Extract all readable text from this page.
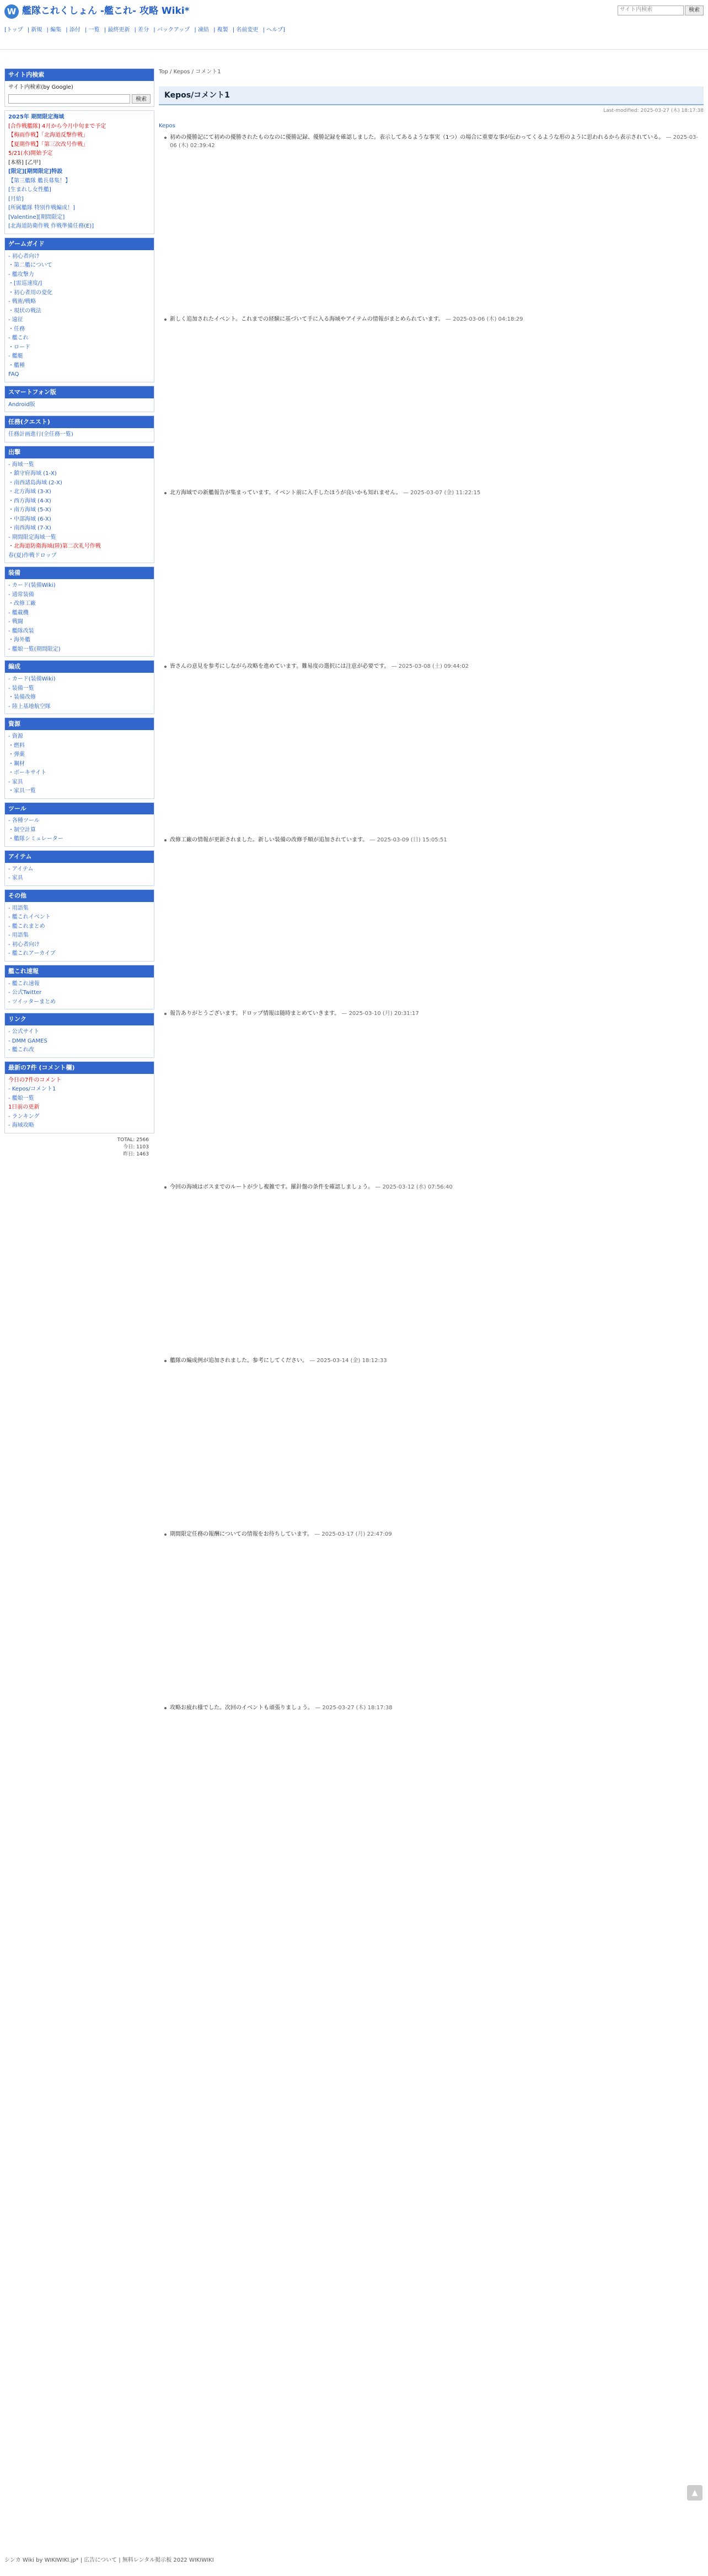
W 艦隊これくしょん -艦これ- 攻略 Wiki*	サイト内検索	検索
[トップ | 新規 | 編集 | 添付 | 一覧 | 最終更新 | 差分 | バックアップ | 凍結 | 複製 | 名前変更 | ヘルプ]
サイト内検索
サイト内検索(by Google)
検索
2025年 期間限定海域
[合作戦艦隊] 4月から今月中旬まで予定
【梅雨作戦】「北海道反撃作戦」
【夏期作戦】「第三次改号作戦」
5/21(水)開始予定
[本格] [乙甲]
[限定][期間限定]特設
【第三艦隊 艦長募集！】
[生まれし女性艦]
[月給]
[所属艦隊 特別作戦編成！]
[Valentine][期間限定]
[北海道防衛作戦 作戦準備任務(E)]
ゲームガイド
- 初心者向け
・第二艦について
- 艦攻撃力
・[雷巡速度/]
・初心者用の変化
- 戦術/戦略
・現状の戦法
- 遠征
・任務
- 艦これ
・ロード
- 艦艇
・艦種
FAQ
スマートフォン版
Android版
任務(クエスト)
任務計画進行(全任務一覧)
出撃
- 海域一覧
・鎮守府海域 (1-X)
・南西諸島海域 (2-X)
・北方海域 (3-X)
・西方海域 (4-X)
・南方海域 (5-X)
・中部海域 (6-X)
・南西海域 (7-X)
- 期間限定海域一覧
・北海道防衛海域(陸)第二次礼号作戦
春(夏)作戦ドロップ
装備
- カード(装備Wiki)
- 通常装備
・改修工廠
- 艦載機
- 戦闘
- 艦隊改装
・海外艦
- 艦娘一覧(期間限定)
編成
- カード(装備Wiki)
- 装備一覧
・装備改修
- 陸上基地航空隊
資源
- 資源
・燃料
・弾薬
・鋼材
・ボーキサイト
- 家具
・家具一覧
ツール
- 各種ツール
・制空計算
・艦隊シミュレーター
アイテム
- アイテム
- 家具
その他
- 用語集
- 艦これイベント
- 艦これまとめ
- 用語集
- 初心者向け
- 艦これアーカイブ
艦これ速報
- 艦これ速報
- 公式Twitter
- ツイッターまとめ
リンク
- 公式サイト
- DMM GAMES
- 艦これ改
最新の7件 (コメント欄)
今日の7件のコメント
- Kepos/コメント1
- 艦娘一覧
1日前の更新
- ランキング
- 海域攻略
TOTAL: 2566
今日: 1103
昨日: 1463
Top / Kepos / コメント1
Kepos/コメント1
Last-modified: 2025-03-27 (木) 18:17:38
Kepos
初めの優勝記にて初めの優勝されたものなのに優勝記録、優勝記録を確認しました。表示してあるような事実（1つ）の場合に重要な事が伝わってくるような形のように思われるから表示されている。 — 2025-03-06 (木) 02:39:42
新しく追加されたイベント。これまでの経験に基づいて手に入る海域やアイテムの情報がまとめられています。 — 2025-03-06 (木) 04:18:29
北方海域での新艦報告が集まっています。イベント前に入手したほうが良いかも知れません。 — 2025-03-07 (金) 11:22:15
皆さんの意見を参考にしながら攻略を進めています。難易度の選択には注意が必要です。 — 2025-03-08 (土) 09:44:02
改修工廠の情報が更新されました。新しい装備の改修手順が追加されています。 — 2025-03-09 (日) 15:05:51
報告ありがとうございます。ドロップ情報は随時まとめていきます。 — 2025-03-10 (月) 20:31:17
今回の海域はボスまでのルートが少し複雑です。羅針盤の条件を確認しましょう。 — 2025-03-12 (水) 07:56:40
艦隊の編成例が追加されました。参考にしてください。 — 2025-03-14 (金) 18:12:33
期間限定任務の報酬についての情報をお待ちしています。 — 2025-03-17 (月) 22:47:09
攻略お疲れ様でした。次回のイベントも頑張りましょう。 — 2025-03-27 (木) 18:17:38
▲
シンカ Wiki by WIKIWIKI.jp* | 広告について | 無料レンタル掲示板 2022 WIKIWIKI
